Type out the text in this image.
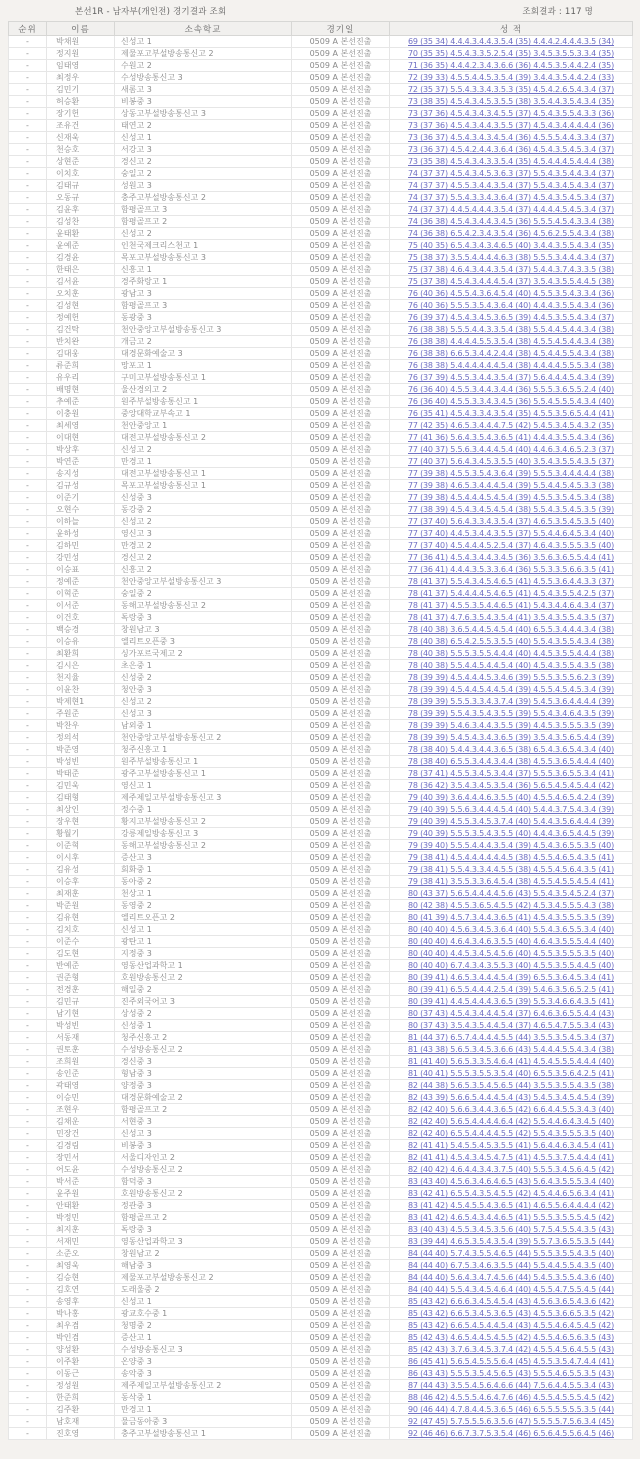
본선1R - 남자부(개인전) 경기결과 조회	조회결과 : 117 명
순위	이름	소속학교	경기일	성 적
-	박채원	신성고 1	0509 A 본선진출	69 (35 34) 4.4.4.3.4.4.3.5.4 (35) 4.4.4.2.4.4.4.3.5 (34)
-	정지원	제물포고부설방송통신고 2	0509 A 본선진출	70 (35 35) 4.5.4.3.3.5.2.5.4 (35) 3.4.5.3.5.5.3.3.4 (35)
-	임태영	수원고 2	0509 A 본선진출	71 (36 35) 4.4.4.2.3.4.3.6.6 (36) 4.4.5.3.5.4.4.2.4 (35)
-	최정우	수성방송통신고 3	0509 A 본선진출	72 (39 33) 4.5.5.4.4.5.3.5.4 (39) 3.4.4.3.5.4.4.2.4 (33)
-	김민기	새롬고 3	0509 A 본선진출	72 (35 37) 5.5.4.3.3.4.3.5.3 (35) 4.5.4.2.6.5.4.3.4 (37)
-	허승환	비봉중 3	0509 A 본선진출	73 (38 35) 4.5.4.3.4.5.3.5.5 (38) 3.5.4.4.3.5.4.3.4 (35)
-	장기헌	상동고부설방송통신고 3	0509 A 본선진출	73 (37 36) 4.5.4.3.4.3.4.5.5 (37) 4.5.4.3.5.5.4.3.3 (36)
-	조유건	태연고 2	0509 A 본선진출	73 (37 36) 4.5.4.3.4.4.3.5.5 (37) 4.5.4.3.4.4.4.4.4 (36)
-	신재욱	신성고 1	0509 A 본선진출	73 (36 37) 4.5.4.3.4.3.4.5.4 (36) 4.5.5.5.4.4.3.3.4 (37)
-	천승호	서강고 3	0509 A 본선진출	73 (36 37) 4.5.4.2.4.4.3.6.4 (36) 4.5.4.3.5.4.5.3.4 (37)
-	상현준	경신고 2	0509 A 본선진출	73 (35 38) 4.5.4.3.4.3.3.5.4 (35) 4.5.4.4.4.5.4.4.4 (38)
-	이치호	숭일고 2	0509 A 본선진출	74 (37 37) 4.5.4.3.4.5.3.6.3 (37) 5.5.4.3.5.4.4.3.4 (37)
-	김태규	성원고 3	0509 A 본선진출	74 (37 37) 4.5.5.3.4.4.3.5.4 (37) 5.5.4.3.4.5.4.3.4 (37)
-	오동규	충주고부설방송통신고 2	0509 A 본선진출	74 (37 37) 5.5.4.3.3.4.3.6.4 (37) 4.5.4.3.5.4.5.3.4 (37)
-	김윤후	함평골프고 3	0509 A 본선진출	74 (37 37) 4.4.5.4.4.4.3.5.4 (37) 4.4.4.4.5.4.5.3.4 (37)
-	김성찬	함평골프고 2	0509 A 본선진출	74 (36 38) 4.5.4.3.4.4.3.4.5 (36) 5.5.5.4.5.4.3.3.4 (38)
-	윤태환	신성고 2	0509 A 본선진출	74 (36 38) 6.5.4.2.3.4.3.5.4 (36) 4.5.6.2.5.5.4.3.4 (38)
-	윤예준	인천국제크리스천고 1	0509 A 본선진출	75 (40 35) 6.5.4.3.4.3.4.6.5 (40) 3.4.4.3.5.5.4.3.4 (35)
-	김경윤	목포고부설방송통신고 3	0509 A 본선진출	75 (38 37) 3.5.5.4.4.4.4.6.3 (38) 5.5.5.3.4.4.4.3.4 (37)
-	한태은	신흥고 1	0509 A 본선진출	75 (37 38) 4.6.4.3.4.4.3.5.4 (37) 5.4.4.3.7.4.3.3.5 (38)
-	김서윤	경주화랑고 1	0509 A 본선진출	75 (37 38) 4.5.4.3.4.4.4.5.4 (37) 3.5.4.3.5.5.4.4.5 (38)
-	오치훈	광남고 3	0509 A 본선진출	76 (40 36) 4.5.5.4.3.6.4.5.4 (40) 4.5.5.3.5.4.3.3.4 (36)
-	김성현	함평골프고 3	0509 A 본선진출	76 (40 36) 5.5.5.3.5.4.3.6.4 (40) 4.4.4.3.5.5.4.3.4 (36)
-	정예헌	동광중 3	0509 A 본선진출	76 (39 37) 4.5.4.3.4.5.3.6.5 (39) 4.4.5.3.5.5.4.3.4 (37)
-	김건탁	천안중앙고부설방송통신고 3	0509 A 본선진출	76 (38 38) 5.5.5.4.4.3.3.5.4 (38) 5.5.4.4.5.4.4.3.4 (38)
-	반치완	개금고 2	0509 A 본선진출	76 (38 38) 4.4.4.4.5.5.3.5.4 (38) 4.5.5.4.5.4.4.3.4 (38)
-	김대웅	대경문화예술고 3	0509 A 본선진출	76 (38 38) 6.6.5.3.4.4.2.4.4 (38) 4.5.4.4.5.5.4.3.4 (38)
-	류준희	망포고 1	0509 A 본선진출	76 (38 38) 5.4.4.4.4.4.4.5.4 (38) 4.4.4.4.5.5.5.3.4 (38)
-	유우리	구미고부설방송통신고 1	0509 A 본선진출	76 (37 39) 4.5.5.3.4.4.3.5.4 (37) 5.6.4.4.4.5.4.3.4 (39)
-	배명현	울산경의고 2	0509 A 본선진출	76 (36 40) 4.5.5.3.4.4.3.4.4 (36) 5.5.5.3.6.5.5.2.4 (40)
-	추예준	원주부설방송통신고 1	0509 A 본선진출	76 (36 40) 4.5.5.3.3.4.3.4.5 (36) 5.5.4.5.5.5.4.3.4 (40)
-	이충원	중앙대학교부속고 1	0509 A 본선진출	76 (35 41) 4.5.4.3.3.4.3.5.4 (35) 4.5.5.3.5.6.5.4.4 (41)
-	최세영	천안중앙고 1	0509 A 본선진출	77 (42 35) 4.6.5.3.4.4.4.7.5 (42) 5.4.5.3.4.5.4.3.2 (35)
-	이대현	대전고부설방송통신고 2	0509 A 본선진출	77 (41 36) 5.6.4.3.5.4.3.6.5 (41) 4.4.4.3.5.5.4.3.4 (36)
-	박상후	신성고 2	0509 A 본선진출	77 (40 37) 5.5.6.3.4.4.4.5.4 (40) 4.4.6.3.4.6.5.2.3 (37)
-	박연준	만경고 1	0509 A 본선진출	77 (40 37) 5.6.4.3.4.5.3.5.5 (40) 3.5.4.3.5.5.4.3.5 (37)
-	송지성	대전고부설방송통신고 1	0509 A 본선진출	77 (39 38) 4.5.5.3.5.4.3.6.4 (39) 5.5.5.3.4.4.4.4.4 (38)
-	김규성	목포고부설방송통신고 1	0509 A 본선진출	77 (39 38) 4.6.5.3.4.4.4.5.4 (39) 5.5.4.4.5.4.5.3.3 (38)
-	이준기	신성중 3	0509 A 본선진출	77 (39 38) 4.5.4.4.4.5.4.5.4 (39) 4.5.5.3.5.4.5.3.4 (38)
-	오현수	동강중 2	0509 A 본선진출	77 (38 39) 4.5.4.3.4.5.4.5.4 (38) 5.5.4.3.5.4.5.3.5 (39)
-	이하늘	신성고 2	0509 A 본선진출	77 (37 40) 5.6.4.3.3.4.3.5.4 (37) 4.6.5.3.5.4.5.3.5 (40)
-	윤하성	영신고 3	0509 A 본선진출	77 (37 40) 4.4.5.3.4.4.3.5.5 (37) 5.5.4.4.6.4.5.3.4 (40)
-	김하민	만경고 2	0509 A 본선진출	77 (37 40) 4.5.4.4.4.5.2.5.4 (37) 4.6.4.3.5.5.5.3.5 (40)
-	강민성	경신고 2	0509 A 본선진출	77 (36 41) 4.5.4.3.4.4.3.4.5 (36) 3.5.6.3.6.5.5.4.4 (41)
-	이승표	신흥고 2	0509 A 본선진출	77 (36 41) 4.4.4.3.5.3.3.6.4 (36) 5.5.3.3.5.6.6.3.5 (41)
-	정예준	천안중앙고부설방송통신고 3	0509 A 본선진출	78 (41 37) 5.5.4.3.4.5.4.6.5 (41) 4.5.5.3.6.4.4.3.3 (37)
-	이혁준	숭일중 2	0509 A 본선진출	78 (41 37) 5.4.4.4.4.5.4.6.5 (41) 4.5.4.3.5.5.4.2.5 (37)
-	이서준	동해고부설방송통신고 2	0509 A 본선진출	78 (41 37) 4.5.5.3.5.4.4.6.5 (41) 5.4.3.4.4.6.4.3.4 (37)
-	이건호	독랑중 3	0509 A 본선진출	78 (41 37) 4.7.6.3.5.4.3.5.4 (41) 3.5.4.3.5.5.4.3.5 (37)
-	백승경	창원남고 3	0509 A 본선진출	78 (40 38) 3.6.5.4.4.5.4.5.4 (40) 6.5.5.3.4.4.4.3.4 (38)
-	이승유	엘리트오픈중 3	0509 A 본선진출	78 (40 38) 6.5.4.2.5.5.3.5.5 (40) 5.5.4.3.5.5.4.3.4 (38)
-	최환희	싱가포르국제고 2	0509 A 본선진출	78 (40 38) 5.5.5.3.5.5.4.4.4 (40) 4.4.5.3.5.5.4.4.4 (38)
-	김시은	초은중 1	0509 A 본선진출	78 (40 38) 5.5.4.4.5.4.4.5.4 (40) 4.5.4.3.5.5.4.3.5 (38)
-	천지율	신성중 2	0509 A 본선진출	78 (39 39) 4.5.4.4.4.5.3.4.6 (39) 5.5.5.3.5.5.6.2.3 (39)
-	이윤찬	청안중 3	0509 A 본선진출	78 (39 39) 4.5.4.4.5.4.4.5.4 (39) 4.5.5.4.5.4.5.3.4 (39)
-	박제현1	신성고 2	0509 A 본선진출	78 (39 39) 5.5.5.3.3.4.3.7.4 (39) 5.4.5.3.6.4.4.4.4 (39)
-	주원준	신성고 3	0509 A 본선진출	78 (39 39) 5.5.4.3.5.4.3.5.5 (39) 5.5.4.3.4.6.4.3.5 (39)
-	박찬우	남외중 1	0509 A 본선진출	78 (39 39) 5.4.6.3.4.4.3.5.5 (39) 4.4.5.3.5.5.5.3.5 (39)
-	정의석	천안중앙고부설방송통신고 2	0509 A 본선진출	78 (39 39) 5.4.5.4.3.4.3.6.5 (39) 3.5.4.3.5.6.5.4.4 (39)
-	박준영	청주신흥고 1	0509 A 본선진출	78 (38 40) 5.4.4.3.4.4.3.6.5 (38) 6.5.4.3.6.5.4.3.4 (40)
-	박성빈	원주부설방송통신고 1	0509 A 본선진출	78 (38 40) 6.5.5.3.4.4.3.4.4 (38) 4.5.5.3.6.5.4.4.4 (40)
-	박태준	광주고부설방송통신고 1	0509 A 본선진출	78 (37 41) 4.5.5.3.4.5.3.4.4 (37) 5.5.5.3.6.5.5.3.4 (41)
-	김민욱	영신고 1	0509 A 본선진출	78 (36 42) 3.5.4.3.4.5.3.5.4 (36) 5.6.5.4.5.4.5.4.4 (42)
-	김태형	제주제일고부설방송통신고 3	0509 A 본선진출	79 (40 39) 3.6.4.4.4.6.3.5.5 (40) 4.5.5.4.6.5.4.2.4 (39)
-	최상인	정수중 1	0509 A 본선진출	79 (40 39) 5.5.6.3.4.4.4.5.4 (40) 5.4.4.3.7.5.4.3.4 (39)
-	장우현	황지고부설방송통신고 2	0509 A 본선진출	79 (40 39) 4.5.5.3.4.5.3.7.4 (40) 5.4.4.3.5.6.4.4.4 (39)
-	황월기	강릉제일방송통신고 3	0509 A 본선진출	79 (40 39) 5.5.5.3.5.4.3.5.5 (40) 4.4.4.3.6.5.4.4.5 (39)
-	이준혁	동해고부설방송통신고 2	0509 A 본선진출	79 (39 40) 5.5.5.4.4.4.3.5.4 (39) 4.5.4.3.6.5.5.3.5 (40)
-	이시후	증산고 3	0509 A 본선진출	79 (38 41) 4.5.4.4.4.4.4.4.5 (38) 4.5.5.4.6.5.4.3.5 (41)
-	김유성	회화중 1	0509 A 본선진출	79 (38 41) 5.5.4.3.3.4.4.5.5 (38) 4.5.5.4.5.6.4.3.5 (41)
-	이승후	동아중 2	0509 A 본선진출	79 (38 41) 3.5.5.3.3.6.4.5.4 (38) 4.5.5.4.5.5.4.5.4 (41)
-	최재훈	천상고 1	0509 A 본선진출	80 (43 37) 5.6.5.4.4.4.4.5.6 (43) 5.5.4.3.5.4.5.2.4 (37)
-	박준원	동영중 2	0509 A 본선진출	80 (42 38) 4.5.5.3.6.5.4.5.5 (42) 4.5.3.4.5.5.5.4.3 (38)
-	김유현	엘리트오픈고 2	0509 A 본선진출	80 (41 39) 4.5.7.3.4.4.3.6.5 (41) 4.5.4.3.5.5.5.3.5 (39)
-	김치호	신성고 1	0509 A 본선진출	80 (40 40) 4.5.6.3.4.5.3.6.4 (40) 5.5.4.3.6.5.5.3.4 (40)
-	이준수	광탄고 1	0509 A 본선진출	80 (40 40) 4.6.4.3.4.6.3.5.5 (40) 4.6.4.3.5.5.5.4.4 (40)
-	김도현	지정중 3	0509 A 본선진출	80 (40 40) 4.4.5.3.4.5.4.5.6 (40) 4.5.5.3.5.5.5.3.5 (40)
-	반예준	영동산업과학고 1	0509 A 본선진출	80 (40 40) 6.7.4.3.4.3.5.5.3 (40) 4.5.5.3.5.5.4.4.5 (40)
-	권준형	호원방송통신고 2	0509 A 본선진출	80 (39 41) 4.6.5.3.4.4.4.5.4 (39) 6.5.5.3.6.4.5.3.4 (41)
-	전경훈	해일중 2	0509 A 본선진출	80 (39 41) 6.5.5.4.4.4.2.5.4 (39) 5.4.6.3.5.6.5.2.5 (41)
-	김민규	진주외국어고 3	0509 A 본선진출	80 (39 41) 4.4.5.4.4.4.3.6.5 (39) 5.5.3.4.6.6.4.3.5 (41)
-	남기현	상성중 2	0509 A 본선진출	80 (37 43) 4.5.4.3.4.4.4.5.4 (37) 6.4.6.3.6.5.5.4.4 (43)
-	박성빈	신성중 1	0509 A 본선진출	80 (37 43) 3.5.4.3.5.4.4.5.4 (37) 4.6.5.4.7.5.5.3.4 (43)
-	서동재	청주신흥고 2	0509 A 본선진출	81 (44 37) 6.5.7.4.4.4.4.5.5 (44) 3.5.5.3.5.4.5.3.4 (37)
-	권토훈	수성방송통신고 2	0509 A 본선진출	81 (43 38) 5.6.5.3.4.5.3.6.6 (43) 5.4.4.4.5.5.4.3.4 (38)
-	조희원	경신중 3	0509 A 본선진출	81 (41 40) 5.6.5.3.3.5.4.6.4 (41) 4.5.4.5.5.5.4.4.4 (40)
-	송인준	형남중 3	0509 A 본선진출	81 (40 41) 5.5.5.3.5.5.3.5.4 (40) 6.5.5.3.5.6.4.2.5 (41)
-	곽태영	양정중 3	0509 A 본선진출	82 (44 38) 5.6.5.3.5.4.5.6.5 (44) 3.5.5.3.5.5.4.3.5 (38)
-	이승민	대경문화예술고 2	0509 A 본선진출	82 (43 39) 5.6.6.5.4.4.4.5.4 (43) 5.4.5.3.4.5.4.5.4 (39)
-	조현우	함평골프고 2	0509 A 본선진출	82 (42 40) 5.6.6.3.4.4.3.6.5 (42) 6.6.4.4.5.5.3.4.3 (40)
-	김채운	서현중 3	0509 A 본선진출	82 (42 40) 5.6.5.4.4.4.4.6.4 (42) 5.5.4.4.6.4.3.4.5 (40)
-	민장건	신성고 3	0509 A 본선진출	82 (42 40) 6.5.5.4.4.4.4.5.5 (42) 5.5.4.3.5.5.5.3.5 (40)
-	김경림	비봉중 3	0509 A 본선진출	82 (41 41) 5.4.5.5.4.5.3.5.5 (41) 5.6.4.4.6.3.4.5.4 (41)
-	장민서	서울디자인고 2	0509 A 본선진출	82 (41 41) 4.5.4.3.4.5.4.7.5 (41) 4.5.5.3.7.5.4.4.4 (41)
-	어도윤	수성방송통신고 2	0509 A 본선진출	82 (40 42) 4.6.4.4.3.4.3.7.5 (40) 5.5.5.3.4.5.6.4.5 (42)
-	박서준	함덕중 3	0509 A 본선진출	83 (43 40) 4.5.6.3.4.6.4.6.5 (43) 5.6.4.3.5.5.5.3.4 (40)
-	윤주원	호원방송통신고 2	0509 A 본선진출	83 (42 41) 6.5.5.4.3.5.4.5.5 (42) 4.5.4.4.6.5.6.3.4 (41)
-	안태환	정관중 3	0509 A 본선진출	83 (41 42) 4.5.4.5.5.4.3.6.5 (41) 4.6.5.5.6.4.4.4.4 (42)
-	박정민	함평골프고 2	0509 A 본선진출	83 (41 42) 4.6.5.4.3.4.4.6.5 (41) 5.5.5.3.5.5.5.4.5 (42)
-	최지훈	독랑중 3	0509 A 본선진출	83 (40 43) 4.5.5.3.4.5.3.5.6 (40) 5.7.5.4.5.5.4.3.5 (43)
-	서재민	영동산업과학고 3	0509 A 본선진출	83 (39 44) 4.6.5.3.5.4.3.5.4 (39) 5.5.7.3.6.5.5.3.5 (44)
-	소준오	창원남고 2	0509 A 본선진출	84 (44 40) 5.7.4.3.5.5.4.6.5 (44) 5.5.5.3.5.5.4.3.5 (40)
-	최영욱	해남중 3	0509 A 본선진출	84 (44 40) 6.7.5.3.4.6.3.5.5 (44) 5.5.4.4.5.5.4.3.5 (40)
-	김승현	제물포고부설방송통신고 2	0509 A 본선진출	84 (44 40) 5.6.4.3.4.7.4.5.6 (44) 5.4.5.3.5.5.4.3.6 (40)
-	김호연	도래울중 2	0509 A 본선진출	84 (40 44) 5.5.4.3.4.5.4.6.4 (40) 4.5.5.4.7.5.5.4.5 (44)
-	송영후	신성고 1	0509 A 본선진출	85 (43 42) 6.6.6.3.4.5.4.5.4 (43) 4.5.6.3.6.5.4.3.6 (42)
-	박나홍	광교호수중 1	0509 A 본선진출	85 (43 42) 6.6.5.3.4.5.3.6.5 (43) 4.5.5.3.6.6.5.3.5 (42)
-	최우겸	청명중 2	0509 A 본선진출	85 (43 42) 6.6.5.4.5.4.4.5.4 (43) 4.5.5.4.6.4.5.4.5 (42)
-	박인겸	증산고 1	0509 A 본선진출	85 (42 43) 4.6.5.4.4.5.4.5.5 (42) 4.5.5.4.6.5.6.3.5 (43)
-	양성환	수성방송통신고 3	0509 A 본선진출	85 (42 43) 3.7.6.3.4.5.3.7.4 (42) 4.5.5.4.5.6.4.5.5 (43)
-	이주환	온양중 3	0509 A 본선진출	86 (45 41) 5.6.5.4.5.5.5.6.4 (45) 4.5.5.3.5.4.7.4.4 (41)
-	이동근	송악중 3	0509 A 본선진출	86 (43 43) 5.5.5.3.5.4.5.6.5 (43) 5.5.5.4.6.5.5.3.5 (43)
-	정성원	제주제일고부설방송통신고 2	0509 A 본선진출	87 (44 43) 3.5.5.4.5.6.4.6.6 (44) 7.5.6.4.4.5.5.3.4 (43)
-	한준희	동삭중 1	0509 A 본선진출	88 (46 42) 4.5.5.5.4.6.4.7.6 (46) 4.5.5.4.5.5.5.4.5 (42)
-	김주환	만경고 1	0509 A 본선진출	90 (46 44) 4.7.8.4.4.5.3.6.5 (46) 6.5.5.5.5.5.5.3.5 (44)
-	남호재	물금동아중 3	0509 A 본선진출	92 (47 45) 5.7.5.5.5.6.3.5.6 (47) 5.5.5.5.7.5.6.3.4 (45)
-	진호영	충주고부설방송통신고 1	0509 A 본선진출	92 (46 46) 6.6.7.3.7.5.3.5.4 (46) 6.5.6.4.5.5.6.4.5 (46)
